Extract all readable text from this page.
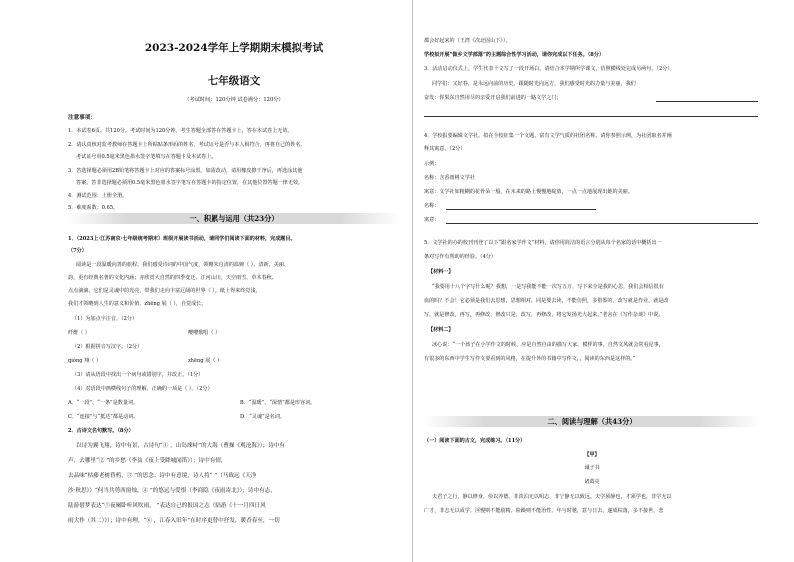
2023-2024学年上学期期末模拟考试
七年级语文
（考试时间：120分钟 试卷满分：120分）
注意事项：
1．本试卷6页。共120分。考试时间为120分钟。考生答题全部答在答题卡上，答在本试卷上无效。
2．请认真核对监考教师在答题卡上所粘贴条形码的姓名、考试证号是否与本人相符合，再将自己的姓名、
考试证号用0.5毫米黑色墨水签字笔填写在答题卡及本试卷上。
3．答选择题必须用2B铅笔将答题卡上对应的答案标号涂黑。如需改动，请用橡皮擦干净后，再选涂其他
答案。答非选择题必须用0.5毫米黑色墨水签字笔写在答题卡的指定位置，在其他位置答题一律无效。
4．测试范围：上册全册。
5．难度系数：0.65。
一、积累与运用（共23分）
1．（2023上·江苏南京·七年级统考期末）班级开展读书活动，请同学们阅读下面的材料，完成题目。
（7分）
阅读是一段温暖向善的旅程。我们感受诗词的中国气度，领略朱自清的温婉（ ）。清新、美丽、
韵，更有经典名著的文化内涵；亦欣赏大自然的四季变迁，江河山川，天空雨雪、草木春秋、
点点滴滴，它们是灵魂中的光亮，带我们走向丰富辽阔的世界（ ）。纸上得来终觉浅，
我们才领略到人生的意义和价值，zhēng 展（ ），自觉成长。
（1）为加点字注音。（2分）
纤维（ ）	嘤嘤歌唱（ ）
（2）根据拼音写汉字。（2分）
qióng 翔（ ）	zhēng 展（ ）
（3）请从语段中找出一个病句或错别字，并改正。（1分）
（4）对语段中画横线句子的理解，正确的一项是（ ）。（2分）
A．“一段”、“一条”是数量词。	B．“温暖”、“深情”都是形容词。
C．“连接”与“抵达”都是动词。	D．“灵魂”是名词。
2．古诗文名句默写。（8分）
以诗为翼飞翔，诗中有景，古诗句“① ，山岛竦峙”的大海（曹操《观沧海》）；诗中有
声，去哪里“② ”的乡愁（李益《夜上受降城闻笛》）；诗中有情，
去品味“枯藤老树昏鸦，③ ”的思念；诗中有意境，诗人将“ ”（马致远《天净
沙·秋思》）“何当共剪西窗烛，④ ”的悠远与爱恨（李商隐《夜雨寄北》）；诗中有志，
陆游借梦表达“⑤夜阑卧听风吹雨， ”表达自己的报国之志（陆游《十一月四日风
雨大作（其二）》）；诗中有理，“⑥ ，江春入旧年”在时序更替中抒发，暖香春至，一切
都会好起来的（王湾《次北固山下》）。
学校拟开展“做乡文学部落”的主题综合性学习活动，请你完成以下任务。（8分）
3．活动启动仪式上，学生代表十文写了一段开场白，请结合本学期所学课文，仿照横线处完成另两句。（2分）
同学们：又好春，是永远向前的历史，跟随时光向远方，我们感受时光的力量与美丽，我们
奋发：你果东自然用尽的亲爱开启我们前进的一路文学之门；
4．学校报要编辑文学社，拟在全校征集一个文题、富有文学气质的社团名称，请你参照示例，为社团取名并阐
释其寓意。（2分）
示例：
名称：含香雨桃文学社
寓意：文学社如粗糊的花骨朵一般，在未来的路上慢慢地绽放，一点一点地展现出她的美丽。
名称：
寓意：
5．文学社的办的校刊刊登了以下“跟名家学作文”材料，请你用简洁的语言分别从每个名家的话中概括出一
条对写作有帮助的经验。（4分）
【材料一】
“我要用十八个字写什么呢？我想，一是写我能不能一次写五万，写下来全是我的心思，我们会相信很有
血的吗？不会！它必须是我们去思想，思想相对，同是要去读，不能仿照，多借鉴的，改写就是作业，就是改
写，就是修改，再写，再修改，修改只是，改写，再修改，将它发扬光大起来。”老舍在《写作杂谈》中说。
【材料二】
冰心说：“一个孩子在小学作文的时候，应是自然自由的描写大家、模样的事。自然文风就会常看见事，
有很多的东西中学生写作文要看到的风格，在提升外的书籍中写作文，，阅读的东西是这样的。”
二、阅读与理解（共43分）
（一）阅读下面的古文，完成练习。（11分）
【甲】
诫子书
诸葛亮
夫君子之行，静以修身，俭以养德。非淡泊无以明志，非宁静无以致远。夫学须静也，才须学也，非学无以
广才，非志无以成学。淫慢则不能励精，险躁则不能治性。年与时驰，意与日去，遂成枯落，多不接世，悲
